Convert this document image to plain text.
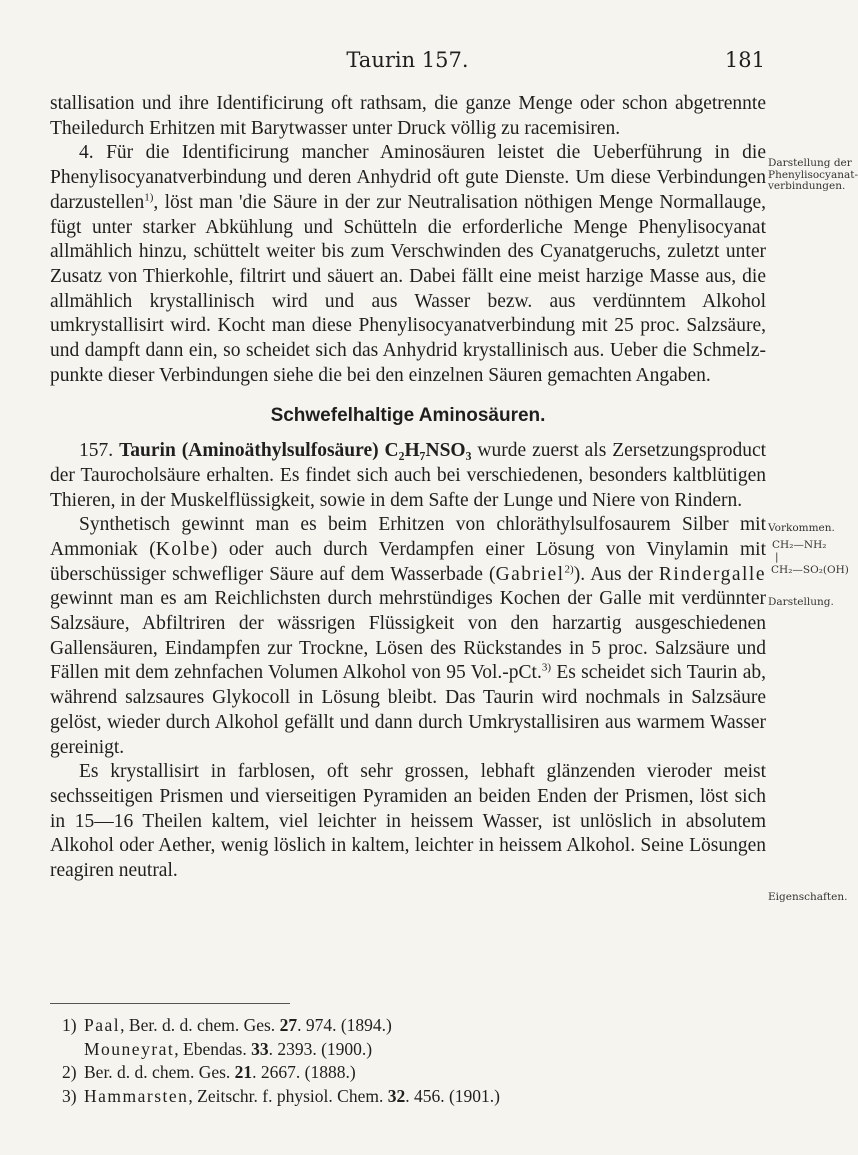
Taurin 157.	181

stallisation und ihre Identificirung oft rathsam, die ganze Menge oder schon abgetrennte Theiledurch Erhitzen mit Barytwasser unter Druck völlig zu racemisiren.

4. Für die Identificirung mancher Aminosäuren leistet die Ueberführung in die Phenylisocyanatverbindung und deren Anhydrid oft gute Dienste. Um diese Verbindungen darzustellen$^{1)}$, löst man 'die Säure in der zur Neutralisation nöthigen Menge Normallauge, fügt unter starker Abkühlung und Schütteln die erforderliche Menge Phenylisocyanat allmählich hinzu, schüttelt weiter bis zum Verschwinden des Cyanatgeruchs, zuletzt unter Zusatz von Thierkohle, filtrirt und säuert an. Dabei fällt eine meist harzige Masse aus, die allmählich krystallinisch wird und aus Wasser bezw. aus verdünntem Alkohol umkrystallisirt wird. Kocht man diese Phenylisocyanatverbindung mit 25 proc. Salzsäure, und dampft dann ein, so scheidet sich das Anhydrid krystallinisch aus. Ueber die Schmelzpunkte dieser Verbindungen siehe die bei den einzelnen Säuren gemachten Angaben.

Schwefelhaltige Aminosäuren.

157. Taurin (Aminoäthylsulfosäure) C₂H₇NSO₃ wurde zuerst als Zersetzungsproduct der Taurocholsäure erhalten. Es findet sich auch bei verschiedenen, besonders kaltblütigen Thieren, in der Muskelflüssigkeit, sowie in dem Safte der Lunge und Niere von Rindern.

Synthetisch gewinnt man es beim Erhitzen von chloräthylsulfosaurem Silber mit Ammoniak (Kolbe) oder auch durch Verdampfen einer Lösung von Vinylamin mit überschüssiger schwefliger Säure auf dem Wasserbade (Gabriel$^{2)}$). Aus der Rindergalle gewinnt man es am Reichlichsten durch mehrstündiges Kochen der Galle mit verdünnter Salzsäure, Abfiltriren der wässrigen Flüssigkeit von den harzartig ausgeschiedenen Gallensäuren, Eindampfen zur Trockne, Lösen des Rückstandes in 5 proc. Salzsäure und Fällen mit dem zehnfachen Volumen Alkohol von 95 Vol.-pCt.$^{3)}$ Es scheidet sich Taurin ab, während salzsaures Glykocoll in Lösung bleibt. Das Taurin wird nochmals in Salzsäure gelöst, wieder durch Alkohol gefällt und dann durch Umkrystallisiren aus warmem Wasser gereinigt.

Es krystallisirt in farblosen, oft sehr grossen, lebhaft glänzenden vieroder meist sechsseitigen Prismen und vierseitigen Pyramiden an beiden Enden der Prismen, löst sich in 15—16 Theilen kaltem, viel leichter in heissem Wasser, ist unlöslich in absolutem Alkohol oder Aether, wenig löslich in kaltem, leichter in heissem Alkohol. Seine Lösungen reagiren neutral.

Darstellung der
Phenylisocyanat-
verbindungen.
Vorkommen.
CH₂—NH₂
|
CH₂—SO₂(OH)
Darstellung.
Eigenschaften.

1) Paal, Ber. d. d. chem. Ges. 27. 974. (1894.)

Mouneyrat, Ebendas. 33. 2393. (1900.)

2) Ber. d. d. chem. Ges. 21. 2667. (1888.)

3) Hammarsten, Zeitschr. f. physiol. Chem. 32. 456. (1901.)
